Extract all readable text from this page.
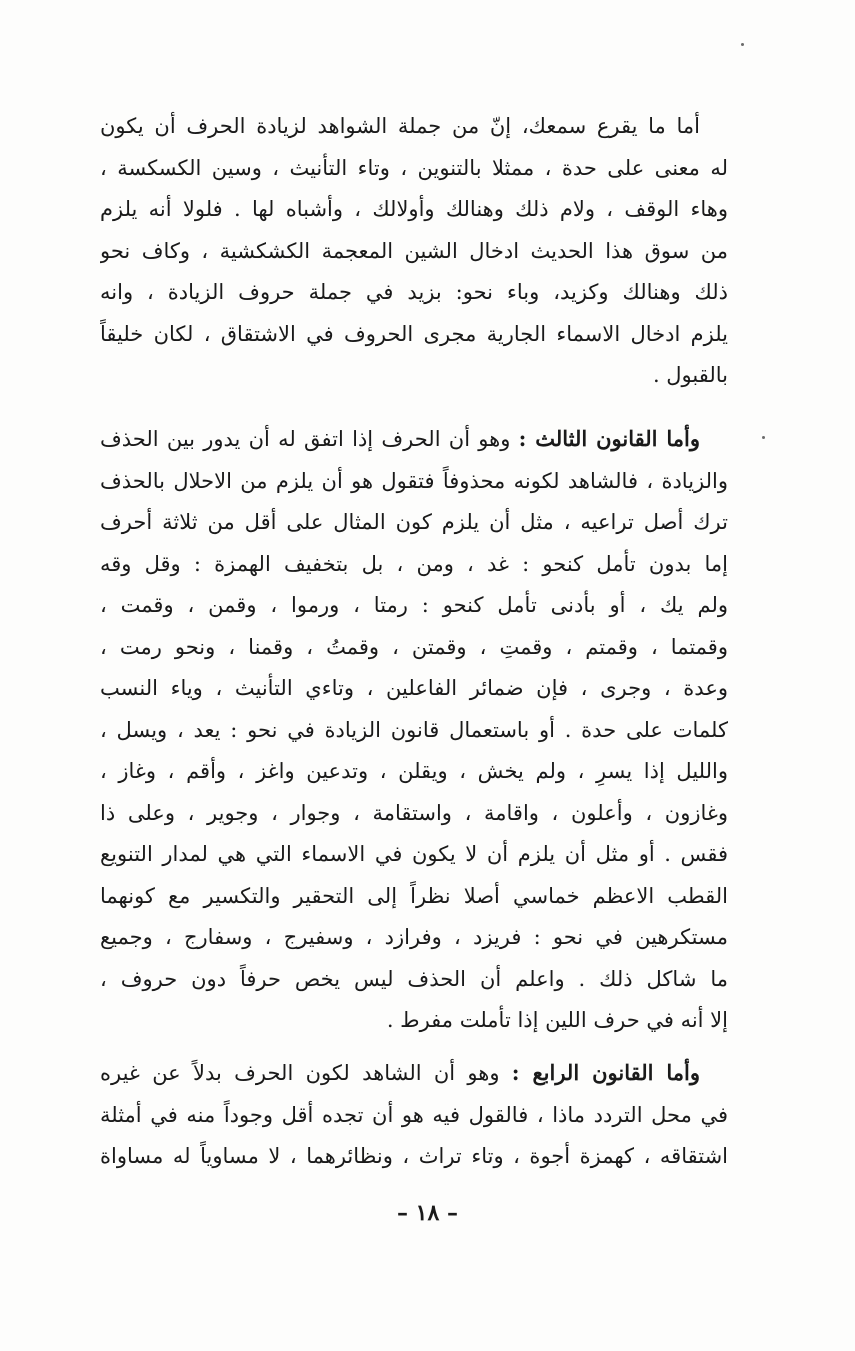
أما ما يقرع سمعك، إنّ من جملة الشواهد لزيادة الحرف أن يكون
له معنى على حدة ، ممثلا بالتنوين ، وتاء التأنيث ، وسين الكسكسة ،
وهاء الوقف ، ولام ذلك وهنالك وأولالك ، وأشباه لها . فلولا أنه يلزم
من سوق هذا الحديث ادخال الشين المعجمة الكشكشية ، وكاف نحو
ذلك وهنالك وكزيد، وباء نحو: بزيد في جملة حروف الزيادة ، وانه
يلزم ادخال الاسماء الجارية مجرى الحروف في الاشتقاق ، لكان خليقاً
بالقبول .
وأما القانون الثالث : وهو أن الحرف إذا اتفق له أن يدور بين الحذف
والزيادة ، فالشاهد لكونه محذوفاً فتقول هو أن يلزم من الاحلال بالحذف
ترك أصل تراعيه ، مثل أن يلزم كون المثال على أقل من ثلاثة أحرف
إما بدون تأمل كنحو : غد ، ومن ، بل بتخفيف الهمزة : وقل وقه
ولم يك ، أو بأدنى تأمل كنحو : رمتا ، ورموا ، وقمن ، وقمت ،
وقمتما ، وقمتم ، وقمتِ ، وقمتن ، وقمتُ ، وقمنا ، ونحو رمت ،
وعدة ، وجرى ، فإن ضمائر الفاعلين ، وتاءي التأنيث ، وياء النسب
كلمات على حدة . أو باستعمال قانون الزيادة في نحو : يعد ، ويسل ،
والليل إذا يسرِ ، ولم يخش ، ويقلن ، وتدعين واغز ، وأقم ، وغاز ،
وغازون ، وأعلون ، واقامة ، واستقامة ، وجوار ، وجوير ، وعلى ذا
فقس . أو مثل أن يلزم أن لا يكون في الاسماء التي هي لمدار التنويع
القطب الاعظم خماسي أصلا نظراً إلى التحقير والتكسير مع كونهما
مستكرهين في نحو : فريزد ، وفرازد ، وسفيرج ، وسفارج ، وجميع
ما شاكل ذلك . واعلم أن الحذف ليس يخص حرفاً دون حروف ،
إلا أنه في حرف اللين إذا تأملت مفرط .
وأما القانون الرابع : وهو أن الشاهد لكون الحرف بدلاً عن غيره
في محل التردد ماذا ، فالقول فيه هو أن تجده أقل وجوداً منه في أمثلة
اشتقاقه ، كهمزة أجوة ، وتاء تراث ، ونظائرهما ، لا مساوياً له مساواة
– ١٨ –
